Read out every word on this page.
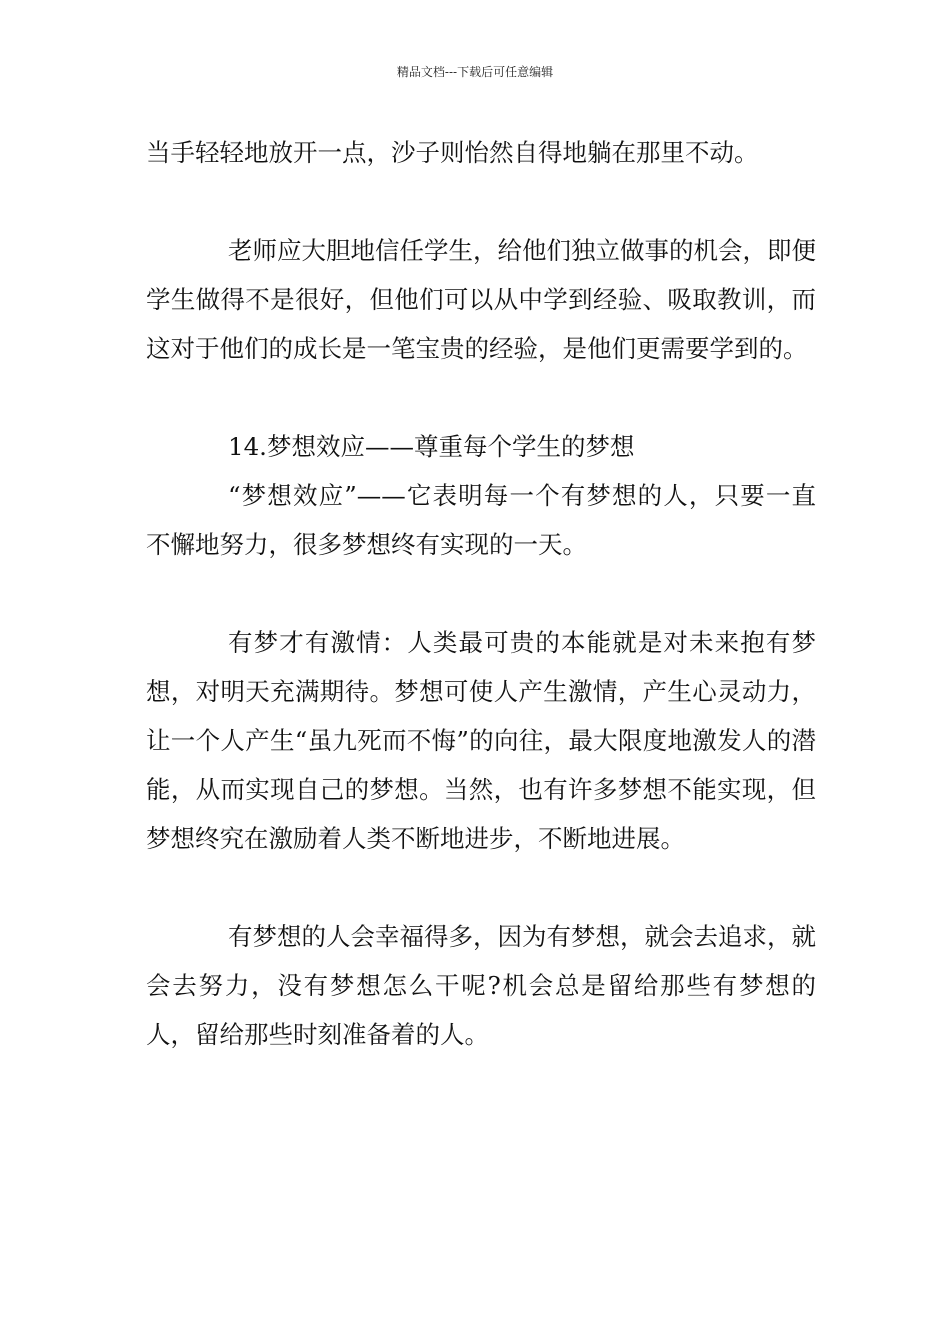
精品文档---下载后可任意编辑

当手轻轻地放开一点，沙子则怡然自得地躺在那里不动。

老师应大胆地信任学生，给他们独立做事的机会，即便学生做得不是很好，但他们可以从中学到经验、吸取教训，而这对于他们的成长是一笔宝贵的经验，是他们更需要学到的。

14.梦想效应——尊重每个学生的梦想

“梦想效应”——它表明每一个有梦想的人，只要一直不懈地努力，很多梦想终有实现的一天。

有梦才有激情：人类最可贵的本能就是对未来抱有梦想，对明天充满期待。梦想可使人产生激情，产生心灵动力，让一个人产生“虽九死而不悔”的向往，最大限度地激发人的潜能，从而实现自己的梦想。当然，也有许多梦想不能实现，但梦想终究在激励着人类不断地进步，不断地进展。

有梦想的人会幸福得多，因为有梦想，就会去追求，就会去努力，没有梦想怎么干呢?机会总是留给那些有梦想的人，留给那些时刻准备着的人。
